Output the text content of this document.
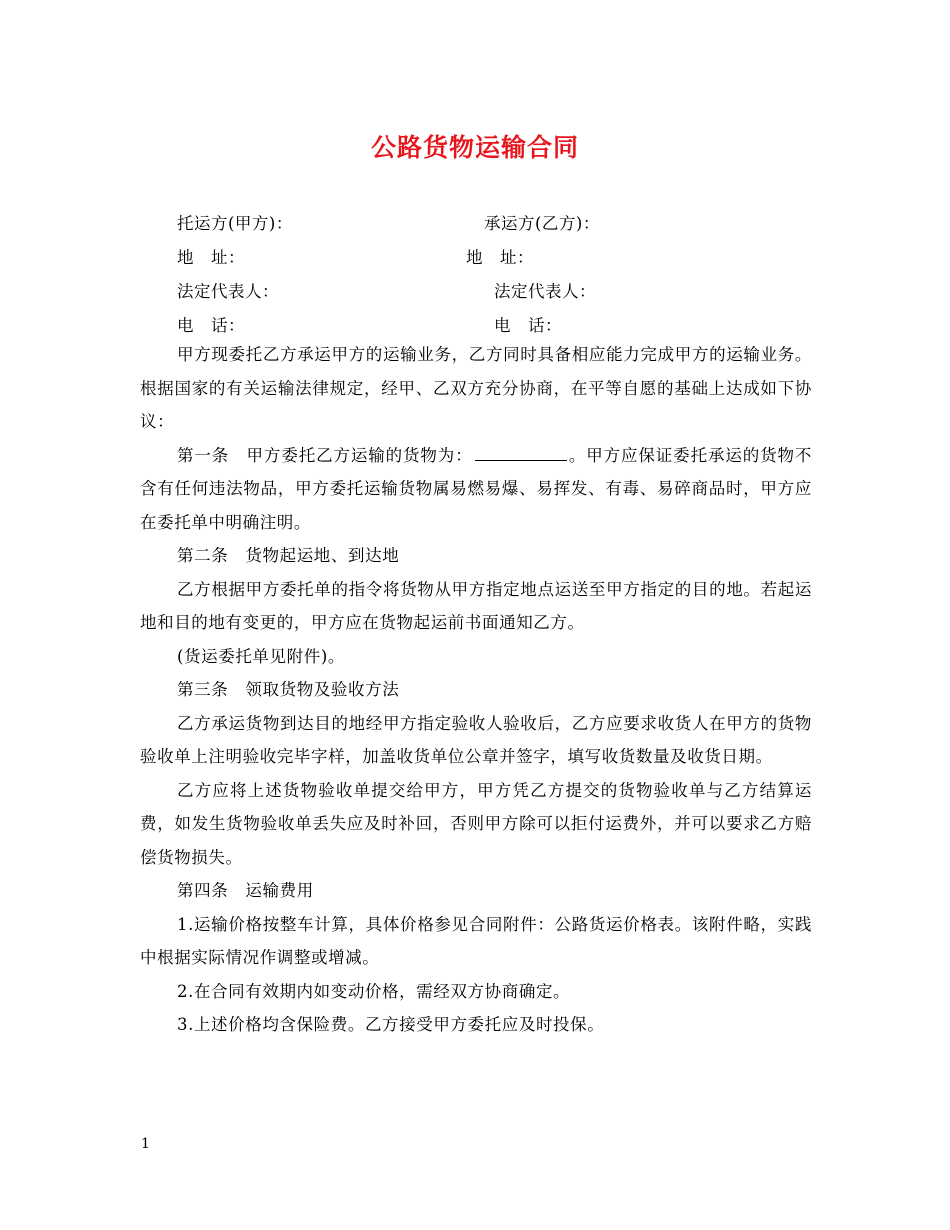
公路货物运输合同
托运方(甲方)：	承运方(乙方)：
地　址：	地　址：
法定代表人：	法定代表人：
电　话：	电　话：

甲方现委托乙方承运甲方的运输业务，乙方同时具备相应能力完成甲方的运输业务。根据国家的有关运输法律规定，经甲、乙双方充分协商，在平等自愿的基础上达成如下协议：

第一条　甲方委托乙方运输的货物为：	。甲方应保证委托承运的货物不含有任何违法物品，甲方委托运输货物属易燃易爆、易挥发、有毒、易碎商品时，甲方应在委托单中明确注明。

第二条　货物起运地、到达地

乙方根据甲方委托单的指令将货物从甲方指定地点运送至甲方指定的目的地。若起运地和目的地有变更的，甲方应在货物起运前书面通知乙方。

(货运委托单见附件)。

第三条　领取货物及验收方法

乙方承运货物到达目的地经甲方指定验收人验收后，乙方应要求收货人在甲方的货物验收单上注明验收完毕字样，加盖收货单位公章并签字，填写收货数量及收货日期。

乙方应将上述货物验收单提交给甲方，甲方凭乙方提交的货物验收单与乙方结算运费，如发生货物验收单丢失应及时补回，否则甲方除可以拒付运费外，并可以要求乙方赔偿货物损失。

第四条　运输费用

1.运输价格按整车计算，具体价格参见合同附件：公路货运价格表。该附件略，实践中根据实际情况作调整或增减。

2.在合同有效期内如变动价格，需经双方协商确定。

3.上述价格均含保险费。乙方接受甲方委托应及时投保。

1
